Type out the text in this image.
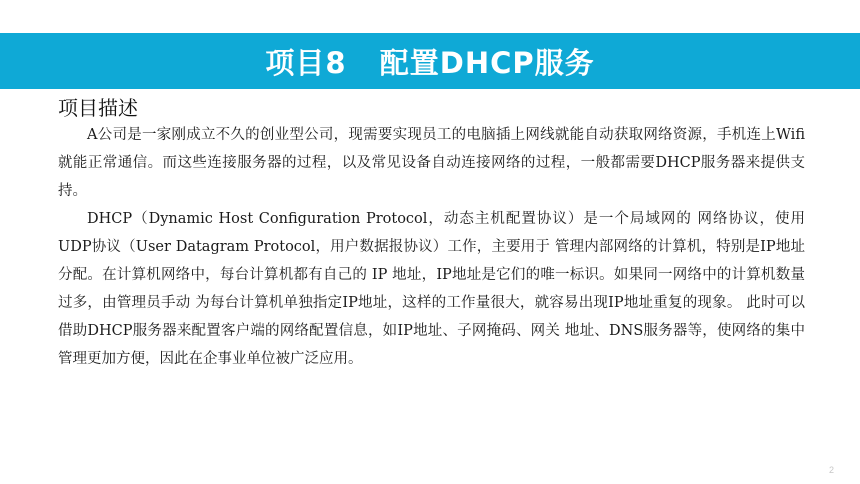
项目8   配置DHCP服务
项目描述

A公司是一家刚成立不久的创业型公司，现需要实现员工的电脑插上网线就能自动获取网络资源，手机连上Wifi就能正常通信。而这些连接服务器的过程，以及常见设备自动连接网络的过程，一般都需要DHCP服务器来提供支持。

DHCP（Dynamic Host Configuration Protocol，动态主机配置协议）是一个局域网的 网络协议，使用UDP协议（User Datagram Protocol，用户数据报协议）工作，主要用于 管理内部网络的计算机，特别是IP地址分配。在计算机网络中，每台计算机都有自己的 IP 地址，IP地址是它们的唯一标识。如果同一网络中的计算机数量过多，由管理员手动 为每台计算机单独指定IP地址，这样的工作量很大，就容易出现IP地址重复的现象。 此时可以借助DHCP服务器来配置客户端的网络配置信息，如IP地址、子网掩码、网关 地址、DNS服务器等，使网络的集中管理更加方便，因此在企事业单位被广泛应用。

2
